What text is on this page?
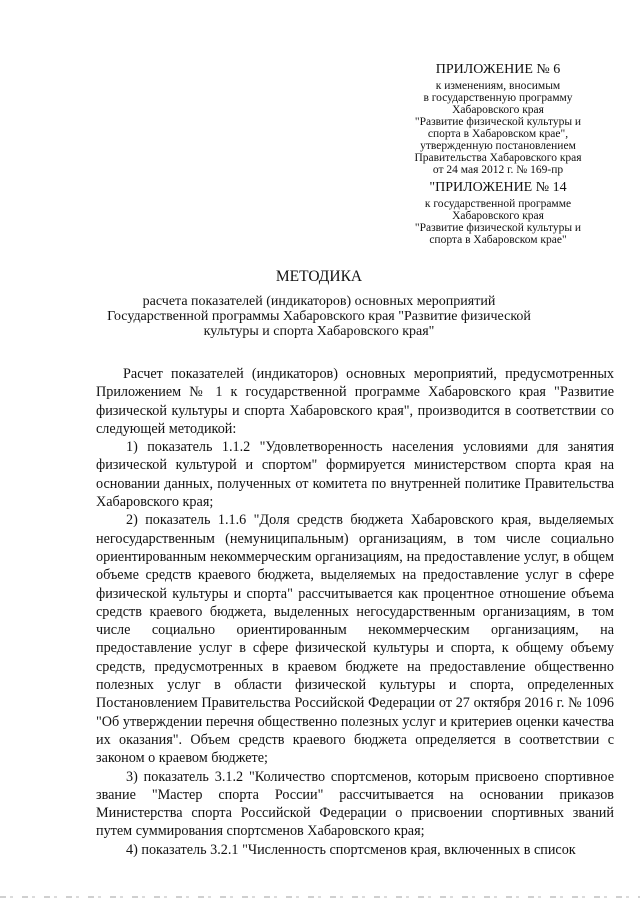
ПРИЛОЖЕНИЕ № 6
к изменениям, вносимым
в государственную программу
Хабаровского края
"Развитие физической культуры и
спорта в Хабаровском крае",
утвержденную постановлением
Правительства Хабаровского края
от 24 мая 2012 г. № 169-пр
"ПРИЛОЖЕНИЕ № 14
к государственной программе
Хабаровского края
"Развитие физической культуры и
спорта в Хабаровском крае"
МЕТОДИКА
расчета показателей (индикаторов) основных мероприятий
Государственной программы Хабаровского края "Развитие физической
культуры и спорта Хабаровского края"

Расчет показателей (индикаторов) основных мероприятий, предусмотренных Приложением № 1 к государственной программе Хабаровского края "Развитие физической культуры и спорта Хабаровского края", производится в соответствии со следующей методикой:

1) показатель 1.1.2 "Удовлетворенность населения условиями для занятия физической культурой и спортом" формируется министерством спорта края на основании данных, полученных от комитета по внутренней политике Правительства Хабаровского края;

2) показатель 1.1.6 "Доля средств бюджета Хабаровского края, выделяемых негосударственным (немуниципальным) организациям, в том числе социально ориентированным некоммерческим организациям, на предоставление услуг, в общем объеме средств краевого бюджета, выделяемых на предоставление услуг в сфере физической культуры и спорта" рассчитывается как процентное отношение объема средств краевого бюджета, выделенных негосударственным организациям, в том числе социально ориентированным некоммерческим организациям, на предоставление услуг в сфере физической культуры и спорта, к общему объему средств, предусмотренных в краевом бюджете на предоставление общественно полезных услуг в области физической культуры и спорта, определенных Постановлением Правительства Российской Федерации от 27 октября 2016 г. № 1096 "Об утверждении перечня общественно полезных услуг и критериев оценки качества их оказания". Объем средств краевого бюджета определяется в соответствии с законом о краевом бюджете;

3) показатель 3.1.2 "Количество спортсменов, которым присвоено спортивное звание "Мастер спорта России" рассчитывается на основании приказов Министерства спорта Российской Федерации о присвоении спортивных званий путем суммирования спортсменов Хабаровского края;

4) показатель 3.2.1 "Численность спортсменов края, включенных в список
